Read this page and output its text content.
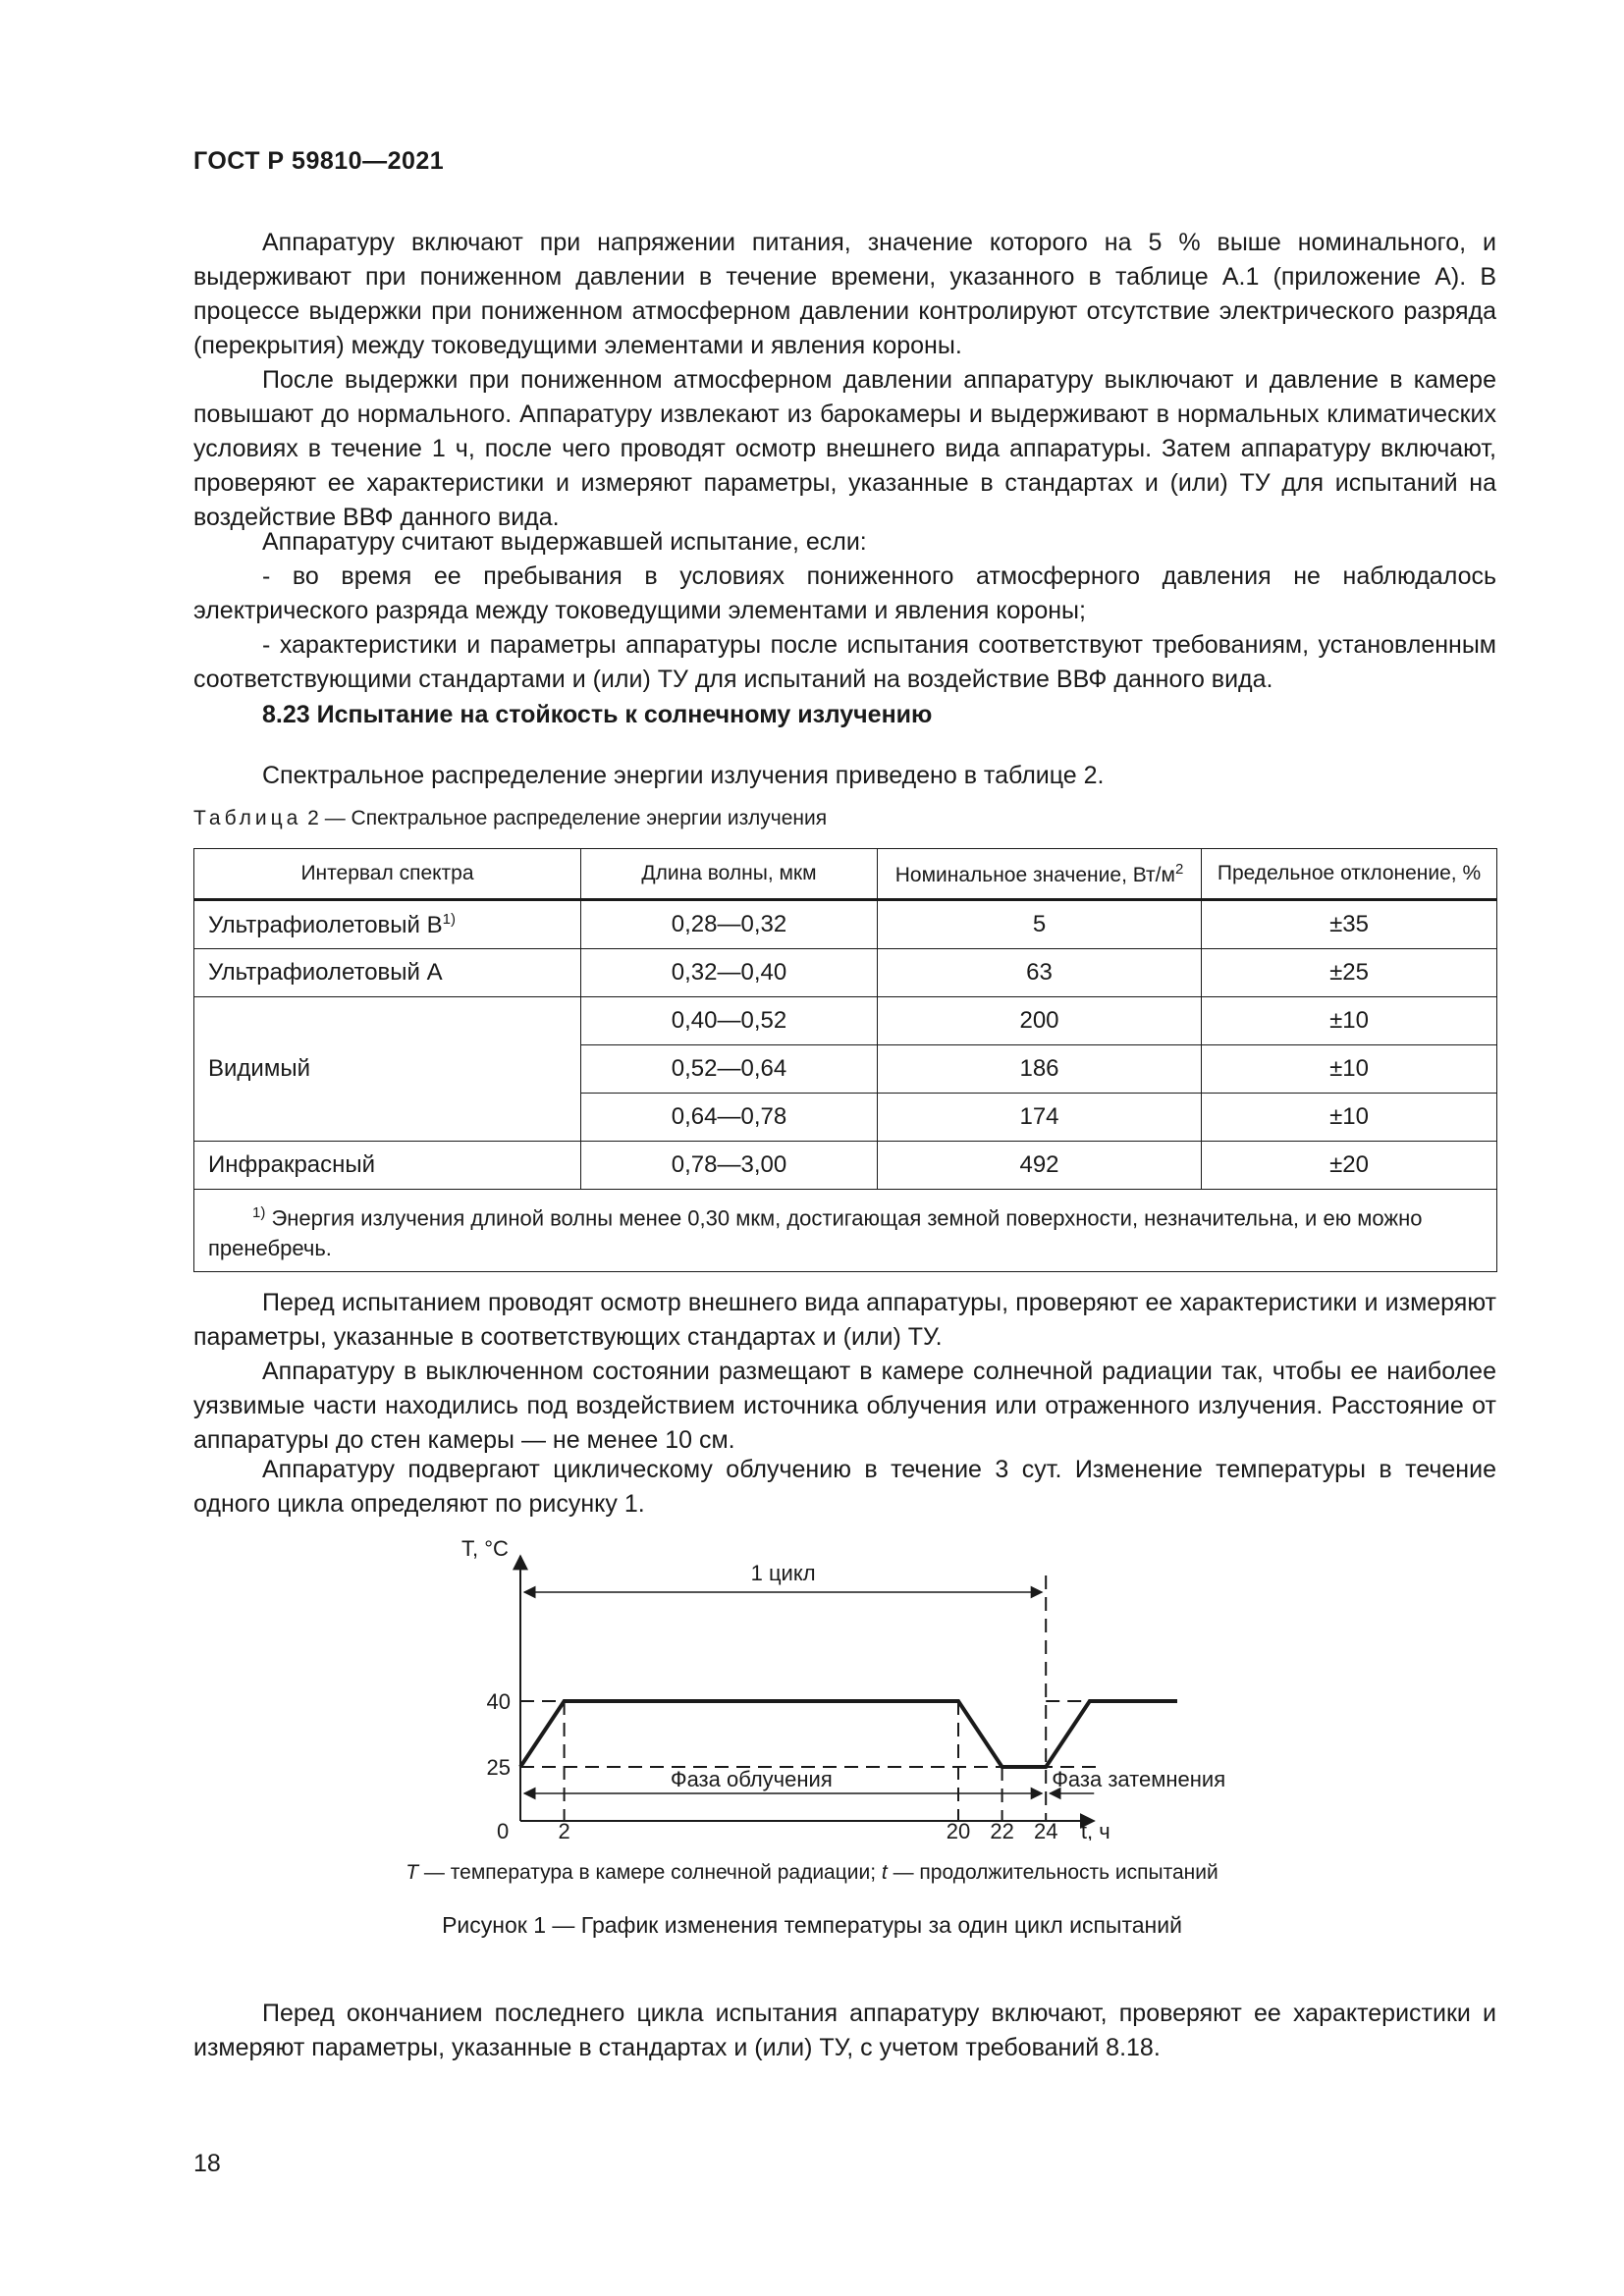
ГОСТ Р 59810—2021

Аппаратуру включают при напряжении питания, значение которого на 5 % выше номинального, и выдерживают при пониженном давлении в течение времени, указанного в таблице А.1 (приложение А). В процессе выдержки при пониженном атмосферном давлении контролируют отсутствие электрического разряда (перекрытия) между токоведущими элементами и явления короны.

После выдержки при пониженном атмосферном давлении аппаратуру выключают и давление в камере повышают до нормального. Аппаратуру извлекают из барокамеры и выдерживают в нормальных климатических условиях в течение 1 ч, после чего проводят осмотр внешнего вида аппаратуры. Затем аппаратуру включают, проверяют ее характеристики и измеряют параметры, указанные в стандартах и (или) ТУ для испытаний на воздействие ВВФ данного вида.

Аппаратуру считают выдержавшей испытание, если:

- во время ее пребывания в условиях пониженного атмосферного давления не наблюдалось электрического разряда между токоведущими элементами и явления короны;

- характеристики и параметры аппаратуры после испытания соответствуют требованиям, установленным соответствующими стандартами и (или) ТУ для испытаний на воздействие ВВФ данного вида.

8.23 Испытание на стойкость к солнечному излучению

Спектральное распределение энергии излучения приведено в таблице 2.

Таблица 2 — Спектральное распределение энергии излучения

Интервал спектра	Длина волны, мкм	Номинальное значение, $Вт/м^2$	Предельное отклонение, %
Ультрафиолетовый $В^{1)}$	0,28—0,32	5	±35
Ультрафиолетовый А	0,32—0,40	63	±25
Видимый	0,40—0,52	200	±10
	0,52—0,64	186	±10
	0,64—0,78	174	±10
Инфракрасный	0,78—3,00	492	±20
$^{1)}$ Энергия излучения длиной волны менее 0,30 мкм, достигающая земной поверхности, незначительна, и ею можно пренебречь.			

Перед испытанием проводят осмотр внешнего вида аппаратуры, проверяют ее характеристики и измеряют параметры, указанные в соответствующих стандартах и (или) ТУ.

Аппаратуру в выключенном состоянии размещают в камере солнечной радиации так, чтобы ее наиболее уязвимые части находились под воздействием источника облучения или отраженного излучения. Расстояние от аппаратуры до стен камеры — не менее 10 см.

Аппаратуру подвергают циклическому облучению в течение 3 сут. Изменение температуры в течение одного цикла определяют по рисунку 1.

25
40
2	20 22 24
T, °С
t, ч
0
1 цикл
Фаза облучения	Фаза затемнения

T — температура в камере солнечной радиации; t — продолжительность испытаний

Рисунок 1 — График изменения температуры за один цикл испытаний

Перед окончанием последнего цикла испытания аппаратуру включают, проверяют ее характеристики и измеряют параметры, указанные в стандартах и (или) ТУ, с учетом требований 8.18.

18
